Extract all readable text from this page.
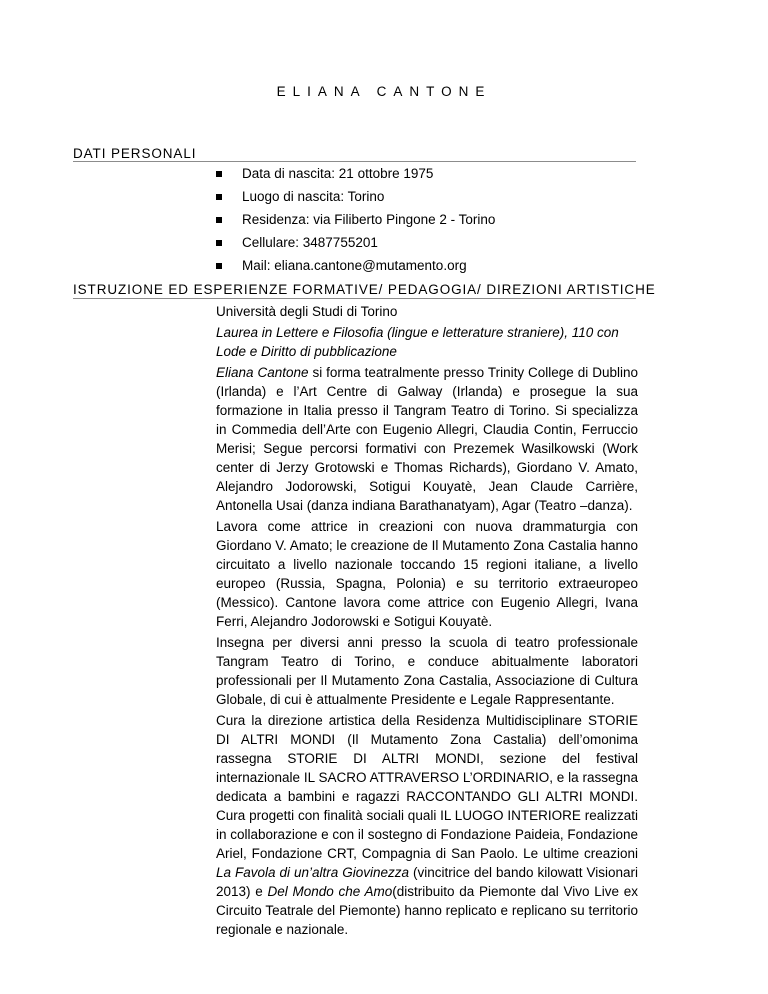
ELIANA CANTONE
DATI PERSONALI
Data di nascita: 21 ottobre 1975
Luogo di nascita: Torino
Residenza: via Filiberto Pingone 2 - Torino
Cellulare: 3487755201
Mail: eliana.cantone@mutamento.org
ISTRUZIONE ED ESPERIENZE FORMATIVE/ PEDAGOGIA/ DIREZIONI ARTISTICHE

Università degli Studi di Torino

Laurea in Lettere e Filosofia (lingue e letterature straniere), 110 con Lode e Diritto di pubblicazione

Eliana Cantone si forma teatralmente presso Trinity College di Dublino (Irlanda) e l’Art Centre di Galway (Irlanda) e prosegue la sua formazione in Italia presso il Tangram Teatro di Torino. Si specializza in Commedia dell’Arte con Eugenio Allegri, Claudia Contin, Ferruccio Merisi; Segue percorsi formativi con Prezemek Wasilkowski (Work center di Jerzy Grotowski e Thomas Richards), Giordano V. Amato, Alejandro Jodorowski, Sotigui Kouyatè, Jean Claude Carrière, Antonella Usai (danza indiana Barathanatyam), Agar (Teatro –danza).

Lavora come attrice in creazioni con nuova drammaturgia con Giordano V. Amato; le creazione de Il Mutamento Zona Castalia hanno circuitato a livello nazionale toccando 15 regioni italiane, a livello europeo (Russia, Spagna, Polonia) e su territorio extraeuropeo (Messico). Cantone lavora come attrice con Eugenio Allegri, Ivana Ferri, Alejandro Jodorowski e Sotigui Kouyatè.

Insegna per diversi anni presso la scuola di teatro professionale Tangram Teatro di Torino, e conduce abitualmente laboratori professionali per Il Mutamento Zona Castalia, Associazione di Cultura Globale, di cui è attualmente Presidente e Legale Rappresentante.

Cura la direzione artistica della Residenza Multidisciplinare STORIE DI ALTRI MONDI (Il Mutamento Zona Castalia) dell’omonima rassegna STORIE DI ALTRI MONDI, sezione del festival internazionale IL SACRO ATTRAVERSO L’ORDINARIO, e la rassegna dedicata a bambini e ragazzi RACCONTANDO GLI ALTRI MONDI. Cura progetti con finalità sociali quali IL LUOGO INTERIORE realizzati in collaborazione e con il sostegno di Fondazione Paideia, Fondazione Ariel, Fondazione CRT, Compagnia di San Paolo. Le ultime creazioni La Favola di un’altra Giovinezza (vincitrice del bando kilowatt Visionari 2013) e Del Mondo che Amo(distribuito da Piemonte dal Vivo Live ex Circuito Teatrale del Piemonte) hanno replicato e replicano su territorio regionale e nazionale.
